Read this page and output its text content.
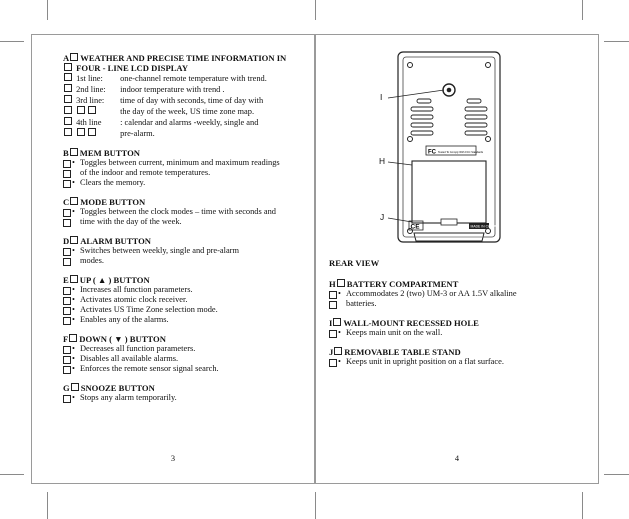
A WEATHER AND PRECISE TIME INFORMATION IN
FOUR - LINE LCD DISPLAY
1st line: one-channel remote temperature with trend.
2nd line: indoor temperature with trend .
3rd line: time of day with seconds, time of day with
the day of the week, US time zone map.
4th line : calendar and alarms -weekly, single and
pre-alarm.
B MEM BUTTON
• Toggles between current, minimum and maximum readings
of the indoor and remote temperatures.
• Clears the memory.
C MODE BUTTON
• Toggles between the clock modes – time with seconds and
time with the day of the week.
D ALARM BUTTON
• Switches between weekly, single and pre-alarm
modes.
E UP ( ▲ ) BUTTON
• Increases all function parameters.
• Activates atomic clock receiver.
• Activates US Time Zone selection mode.
• Enables any of the alarms.
F DOWN ( ▼ ) BUTTON
• Decreases all function parameters.
• Disables all available alarms.
• Enforces the remote sensor signal search.
G SNOOZE BUTTON
• Stops any alarm temporarily.
3
FC Tested To Comply With FCC Standards
CE	MADE IN CHINA
I
H
J
REAR VIEW
H BATTERY COMPARTMENT
• Accommodates 2 (two) UM-3 or AA 1.5V alkaline
batteries.
I WALL-MOUNT RECESSED HOLE
• Keeps main unit on the wall.
J REMOVABLE TABLE STAND
• Keeps unit in upright position on a flat surface.
4
